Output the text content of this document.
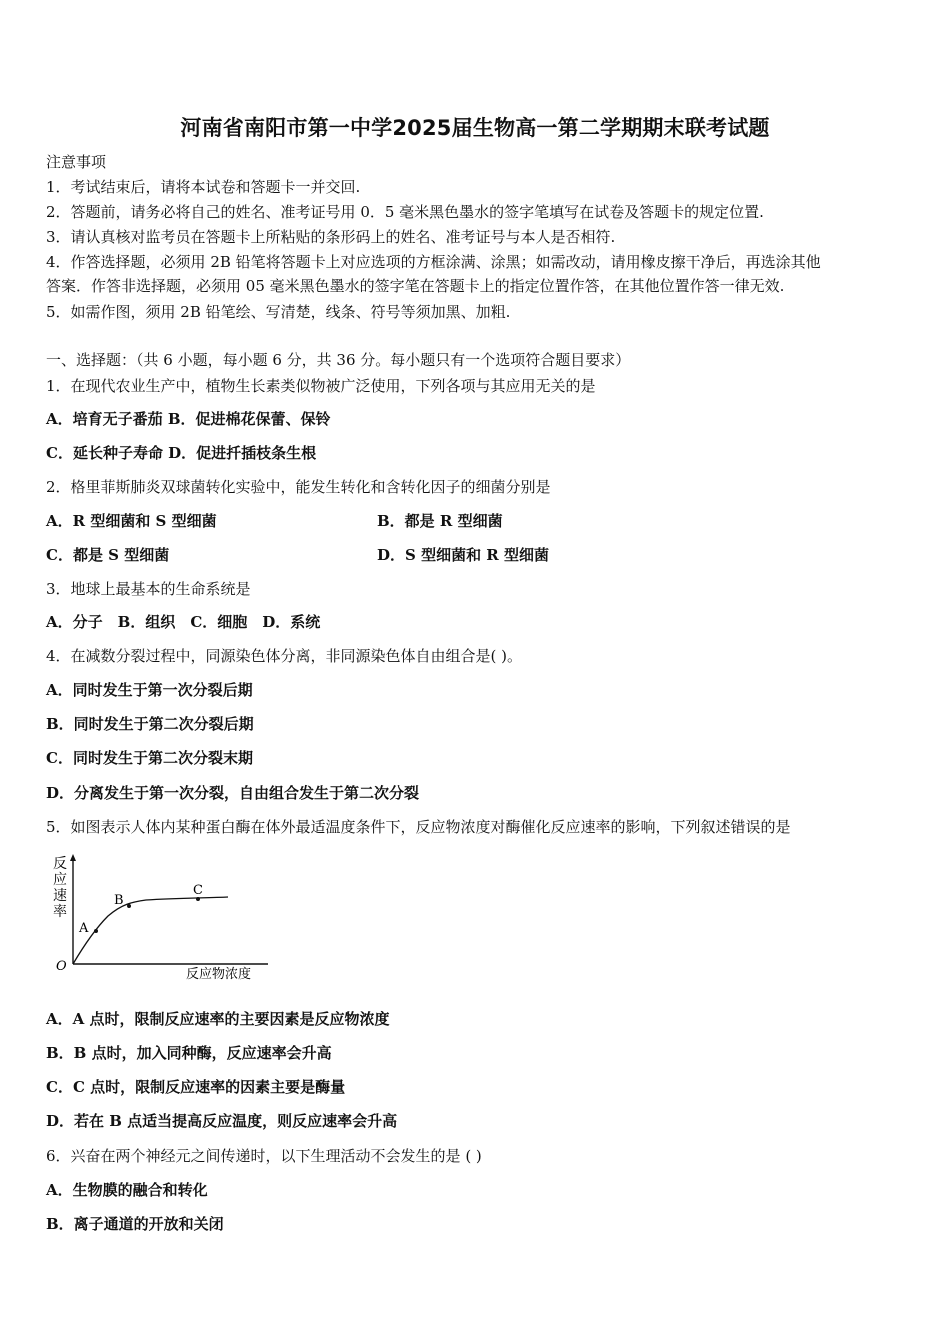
河南省南阳市第一中学2025届生物高一第二学期期末联考试题
注意事项
1．考试结束后，请将本试卷和答题卡一并交回.
2．答题前，请务必将自己的姓名、准考证号用 0．5 毫米黑色墨水的签字笔填写在试卷及答题卡的规定位置.
3．请认真核对监考员在答题卡上所粘贴的条形码上的姓名、准考证号与本人是否相符.
4．作答选择题，必须用 2B 铅笔将答题卡上对应选项的方框涂满、涂黑；如需改动，请用橡皮擦干净后，再选涂其他
答案．作答非选择题，必须用 05 毫米黑色墨水的签字笔在答题卡上的指定位置作答，在其他位置作答一律无效.
5．如需作图，须用 2B 铅笔绘、写清楚，线条、符号等须加黑、加粗.
一、选择题：（共 6 小题，每小题 6 分，共 36 分。每小题只有一个选项符合题目要求）
1．在现代农业生产中，植物生长素类似物被广泛使用，下列各项与其应用无关的是
A．培育无子番茄 B．促进棉花保蕾、保铃
C．延长种子寿命 D．促进扦插枝条生根
2．格里菲斯肺炎双球菌转化实验中，能发生转化和含转化因子的细菌分别是
A．R 型细菌和 S 型细菌	B．都是 R 型细菌
C．都是 S 型细菌	D．S 型细菌和 R 型细菌
3．地球上最基本的生命系统是
A．分子　B．组织　C．细胞　D．系统
4．在减数分裂过程中，同源染色体分离，非同源染色体自由组合是( )。
A．同时发生于第一次分裂后期
B．同时发生于第二次分裂后期
C．同时发生于第二次分裂末期
D．分离发生于第一次分裂，自由组合发生于第二次分裂
5．如图表示人体内某种蛋白酶在体外最适温度条件下，反应物浓度对酶催化反应速率的影响，下列叙述错误的是
反
应
速
率
O
反应物浓度
A
B
C
A．A 点时，限制反应速率的主要因素是反应物浓度
B．B 点时，加入同种酶，反应速率会升高
C．C 点时，限制反应速率的因素主要是酶量
D．若在 B 点适当提高反应温度，则反应速率会升高
6．兴奋在两个神经元之间传递时，以下生理活动不会发生的是 ( )
A．生物膜的融合和转化
B．离子通道的开放和关闭
